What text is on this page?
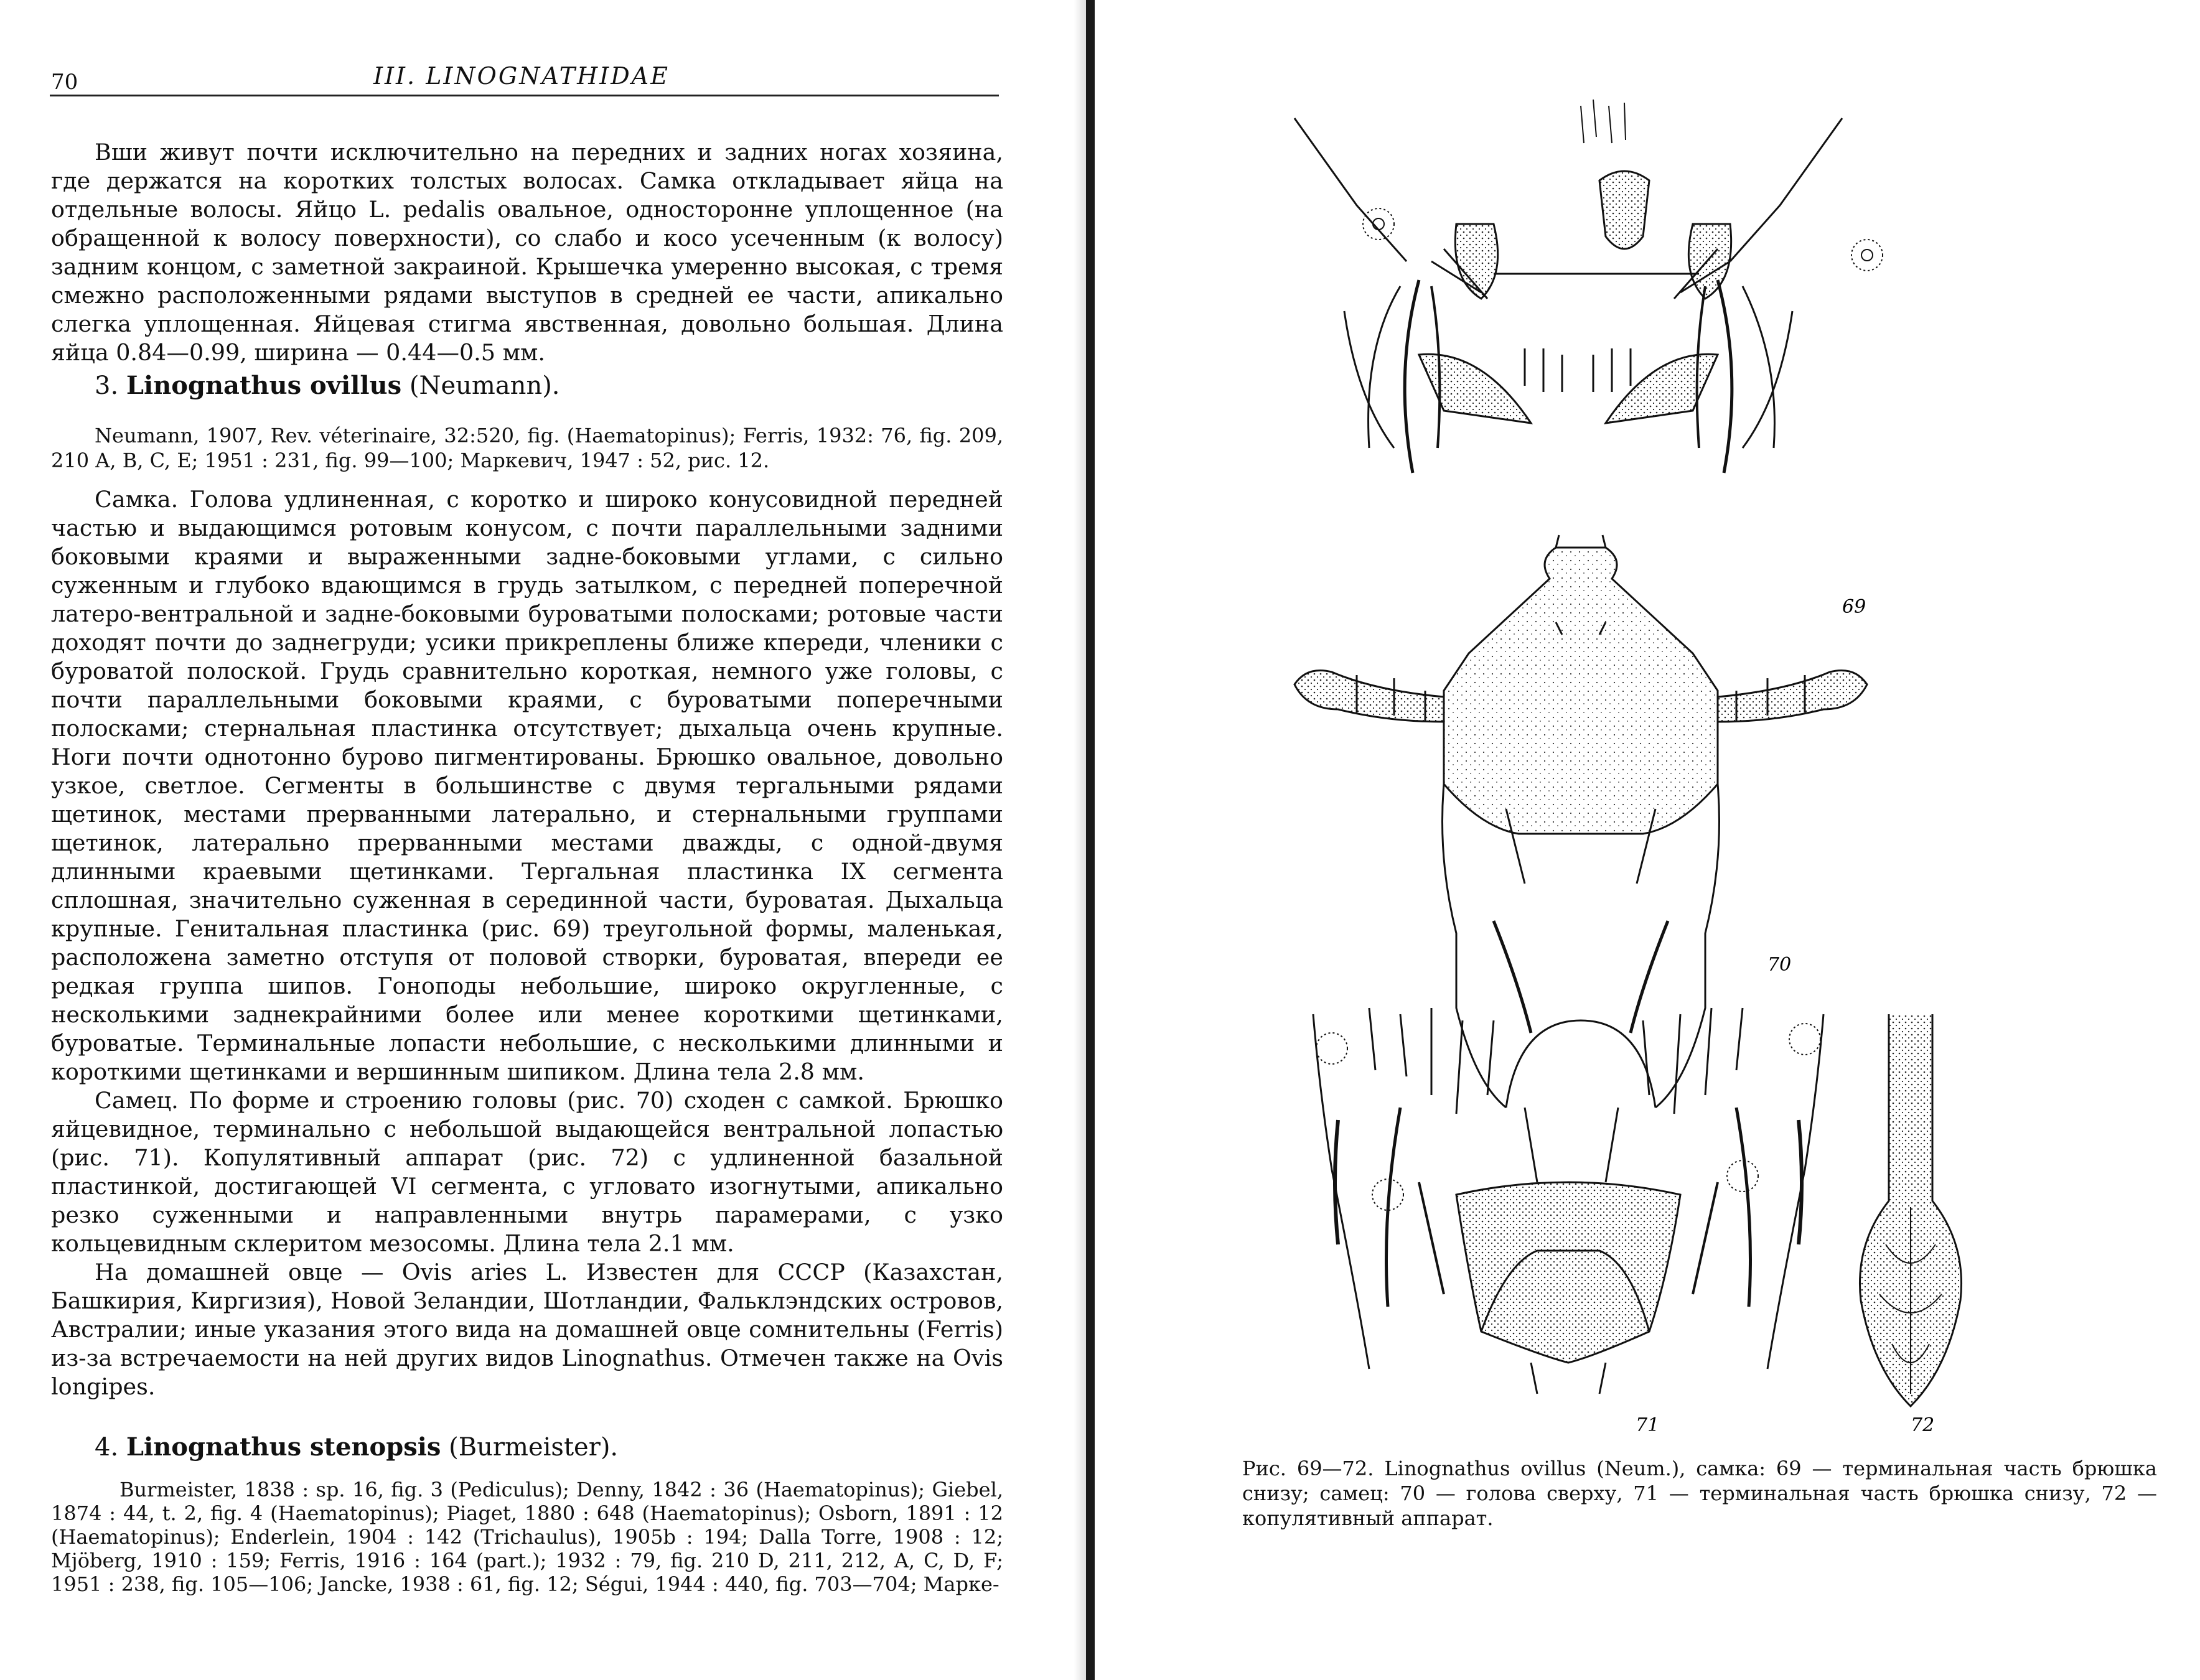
70	III. LINOGNATHIDAE

Вши живут почти исключительно на передних и задних ногах хозяина, где держатся на коротких толстых волосах. Самка откладывает яйца на отдельные волосы. Яйцо L. pedalis овальное, односторонне уплощенное (на обращенной к волосу поверхности), со слабо и косо усеченным (к волосу) задним концом, с заметной закраиной. Крышечка умеренно высокая, с тремя смежно расположенными рядами выступов в средней ее части, апикально слегка уплощенная. Яйцевая стигма явственная, довольно большая. Длина яйца 0.84—0.99, ширина — 0.44—0.5 мм.

3. Linognathus ovillus (Neumann).

Neumann, 1907, Rev. véterinaire, 32:520, fig. (Haematopinus); Ferris, 1932: 76, fig. 209, 210 A, B, C, E; 1951 : 231, fig. 99—100; Маркевич, 1947 : 52, рис. 12.

Самка. Голова удлиненная, с коротко и широко конусовидной передней частью и выдающимся ротовым конусом, с почти параллельными задними боковыми краями и выраженными задне-боковыми углами, с сильно суженным и глубоко вдающимся в грудь затылком, с передней поперечной латеро-вентральной и задне-боковыми буроватыми полосками; ротовые части доходят почти до заднегруди; усики прикреплены ближе кпереди, членики с буроватой полоской. Грудь сравнительно короткая, немного уже головы, с почти параллельными боковыми краями, с буроватыми поперечными полосками; стернальная пластинка отсутствует; дыхальца очень крупные. Ноги почти однотонно бурово пигментированы. Брюшко овальное, довольно узкое, светлое. Сегменты в большинстве с двумя тергальными рядами щетинок, местами прерванными латерально, и стернальными группами щетинок, латерально прерванными местами дважды, с одной-двумя длинными краевыми щетинками. Тергальная пластинка IX сегмента сплошная, значительно суженная в серединной части, буроватая. Дыхальца крупные. Генитальная пластинка (рис. 69) треугольной формы, маленькая, расположена заметно отступя от половой створки, буроватая, впереди ее редкая группа шипов. Гоноподы небольшие, широко округленные, с несколькими заднекрайними более или менее короткими щетинками, буроватые. Терминальные лопасти небольшие, с несколькими длинными и короткими щетинками и вершинным шипиком. Длина тела 2.8 мм.

Самец. По форме и строению головы (рис. 70) сходен с самкой. Брюшко яйцевидное, терминально с небольшой выдающейся вентральной лопастью (рис. 71). Копулятивный аппарат (рис. 72) с удлиненной базальной пластинкой, достигающей VI сегмента, с угловато изогнутыми, апикально резко суженными и направленными внутрь парамерами, с узко кольцевидным склеритом мезосомы. Длина тела 2.1 мм.

На домашней овце — Ovis aries L. Известен для СССР (Казахстан, Башкирия, Киргизия), Новой Зеландии, Шотландии, Фальклэндских островов, Австралии; иные указания этого вида на домашней овце сомнительны (Ferris) из-за встречаемости на ней других видов Linognathus. Отмечен также на Ovis longipes.

4. Linognathus stenopsis (Burmeister).

Burmeister, 1838 : sp. 16, fig. 3 (Pediculus); Denny, 1842 : 36 (Haematopinus); Giebel, 1874 : 44, t. 2, fig. 4 (Haematopinus); Piaget, 1880 : 648 (Haematopinus); Osborn, 1891 : 12 (Haematopinus); Enderlein, 1904 : 142 (Trichaulus), 1905b : 194; Dalla Torre, 1908 : 12; Mjöberg, 1910 : 159; Ferris, 1916 : 164 (part.); 1932 : 79, fig. 210 D, 211, 212, A, C, D, F; 1951 : 238, fig. 105—106; Jancke, 1938 : 61, fig. 12; Ségui, 1944 : 440, fig. 703—704; Марке-

69
70
71	72
Рис. 69—72. Linognathus ovillus (Neum.), самка: 69 — терминальная часть брюшка снизу; самец: 70 — голова сверху, 71 — терминальная часть брюшка снизу, 72 — копулятивный аппарат.
